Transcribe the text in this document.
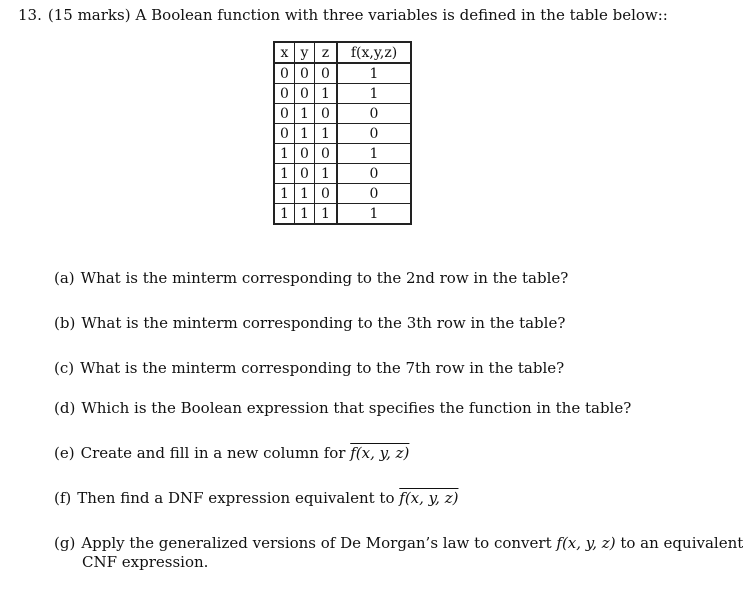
13. (15 marks) A Boolean function with three variables is defined in the table below::
x	y	z	f(x,y,z)
0	0	0	1
0	0	1	1
0	1	0	0
0	1	1	0
1	0	0	1
1	0	1	0
1	1	0	0
1	1	1	1
(a) What is the minterm corresponding to the 2nd row in the table?
(b) What is the minterm corresponding to the 3th row in the table?
(c) What is the minterm corresponding to the 7th row in the table?
(d) Which is the Boolean expression that specifies the function in the table?
(e) Create and fill in a new column for f(x, y, z)
(f) Then find a DNF expression equivalent to f(x, y, z)
(g) Apply the generalized versions of De Morgan’s law to convert f(x, y, z) to an equivalent
CNF expression.
